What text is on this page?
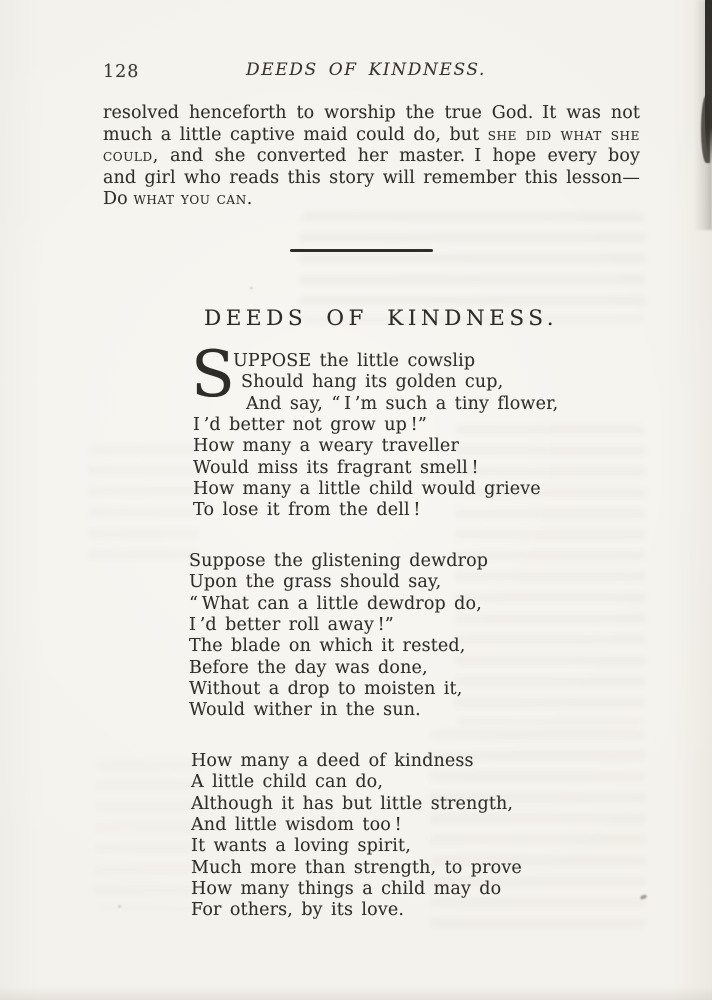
128	DEEDS OF KINDNESS.
resolved henceforth to worship the true God. It was not
much a little captive maid could do, but she did what she
could, and she converted her master. I hope every boy
and girl who reads this story will remember this lesson—
Do what you can.
DEEDS OF KINDNESS.
S
UPPOSE the little cowslip
Should hang its golden cup,
And say, “ I ’m such a tiny flower,
I ’d better not grow up !”
How many a weary traveller
Would miss its fragrant smell !
How many a little child would grieve
To lose it from the dell !
Suppose the glistening dewdrop
Upon the grass should say,
“ What can a little dewdrop do,
I ’d better roll away !”
The blade on which it rested,
Before the day was done,
Without a drop to moisten it,
Would wither in the sun.
How many a deed of kindness
A little child can do,
Although it has but little strength,
And little wisdom too !
It wants a loving spirit,
Much more than strength, to prove
How many things a child may do
For others, by its love.
